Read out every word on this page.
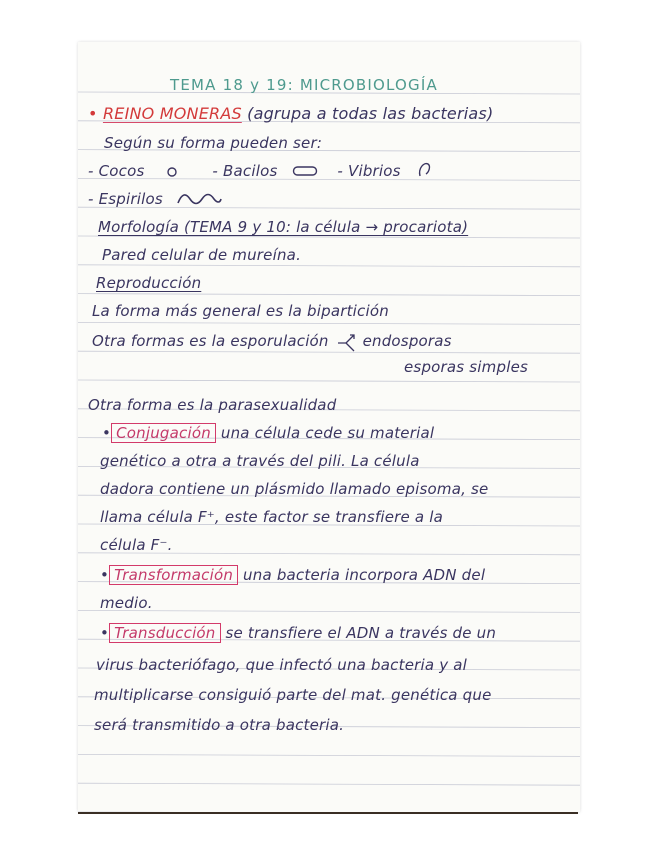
TEMA 18 y 19: MICROBIOLOGÍA
• REINO MONERAS (agrupa a todas las bacterias)
Según su forma pueden ser:
- Cocos	- Bacilos	- Vibrios
- Espirilos
Morfología (TEMA 9 y 10: la célula → procariota)
Pared celular de mureína.
Reproducción
La forma más general es la bipartición
Otra formas es la esporulación endosporas
esporas simples
Otra forma es la parasexualidad
• Conjugación una célula cede su material
genético a otra a través del pili. La célula
dadora contiene un plásmido llamado episoma, se
llama célula F⁺, este factor se transfiere a la
célula F⁻.
• Transformación una bacteria incorpora ADN del
medio.
• Transducción se transfiere el ADN a través de un
virus bacteriófago, que infectó una bacteria y al
multiplicarse consiguió parte del mat. genética que
será transmitido a otra bacteria.
